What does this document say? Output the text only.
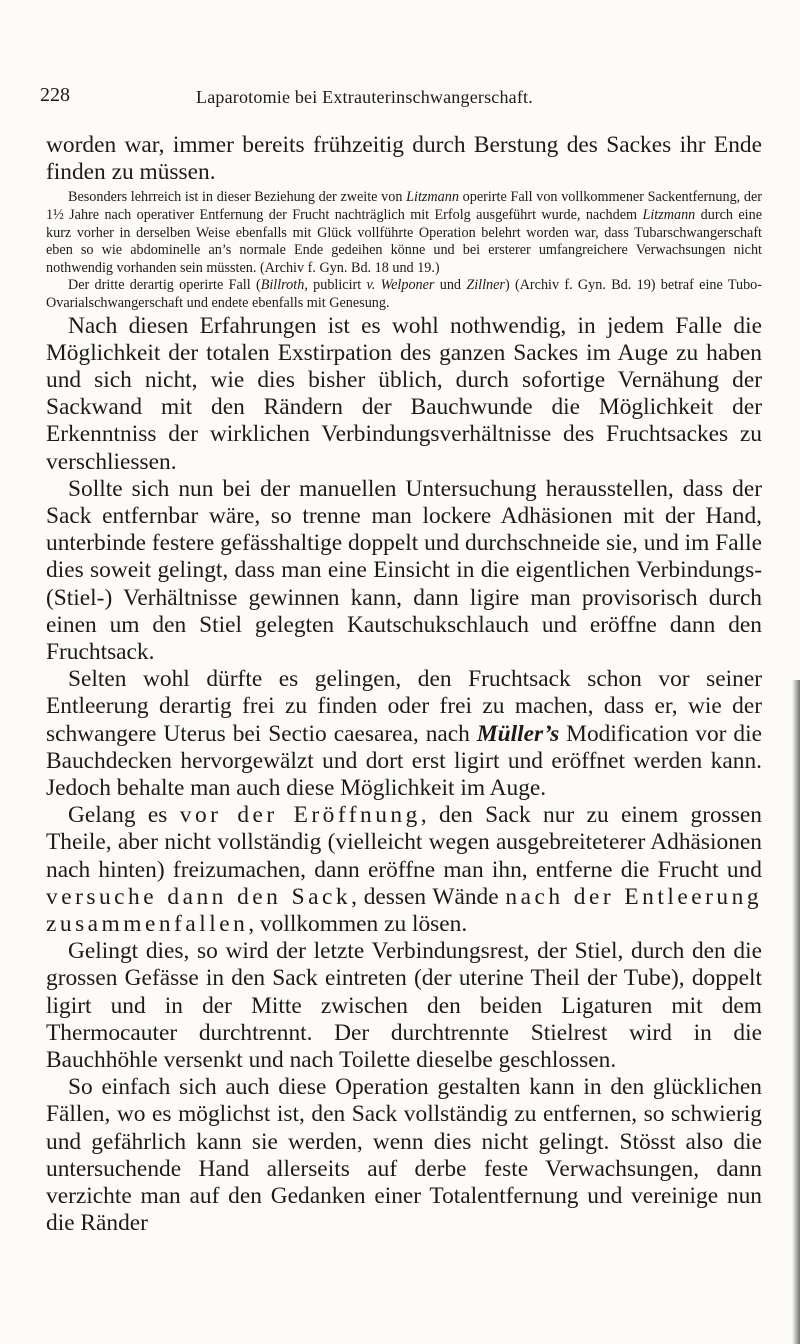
228	Laparotomie bei Extrauterinschwangerschaft.

worden war, immer bereits frühzeitig durch Berstung des Sackes ihr Ende finden zu müssen.

Besonders lehrreich ist in dieser Beziehung der zweite von Litzmann operirte Fall von vollkommener Sackentfernung, der 1½ Jahre nach operativer Entfernung der Frucht nachträglich mit Erfolg ausgeführt wurde, nachdem Litzmann durch eine kurz vorher in derselben Weise ebenfalls mit Glück vollführte Operation belehrt worden war, dass Tubarschwangerschaft eben so wie abdominelle an’s normale Ende gedeihen könne und bei ersterer umfangreichere Verwachsungen nicht nothwendig vorhanden sein müssten. (Archiv f. Gyn. Bd. 18 und 19.)

Der dritte derartig operirte Fall (Billroth, publicirt v. Welponer und Zillner) (Archiv f. Gyn. Bd. 19) betraf eine Tubo-Ovarialschwangerschaft und endete ebenfalls mit Genesung.

Nach diesen Erfahrungen ist es wohl nothwendig, in jedem Falle die Möglichkeit der totalen Exstirpation des ganzen Sackes im Auge zu haben und sich nicht, wie dies bisher üblich, durch sofortige Vernähung der Sackwand mit den Rändern der Bauchwunde die Möglichkeit der Erkenntniss der wirklichen Verbindungsverhältnisse des Fruchtsackes zu verschliessen.

Sollte sich nun bei der manuellen Untersuchung herausstellen, dass der Sack entfernbar wäre, so trenne man lockere Adhäsionen mit der Hand, unterbinde festere gefässhaltige doppelt und durchschneide sie, und im Falle dies soweit gelingt, dass man eine Einsicht in die eigentlichen Verbindungs- (Stiel-) Verhältnisse gewinnen kann, dann ligire man provisorisch durch einen um den Stiel gelegten Kautschukschlauch und eröffne dann den Fruchtsack.

Selten wohl dürfte es gelingen, den Fruchtsack schon vor seiner Entleerung derartig frei zu finden oder frei zu machen, dass er, wie der schwangere Uterus bei Sectio caesarea, nach Müller’s Modification vor die Bauchdecken hervorgewälzt und dort erst ligirt und eröffnet werden kann. Jedoch behalte man auch diese Möglichkeit im Auge.

Gelang es vor der Eröffnung, den Sack nur zu einem grossen Theile, aber nicht vollständig (vielleicht wegen ausgebreiteterer Adhäsionen nach hinten) freizumachen, dann eröffne man ihn, entferne die Frucht und versuche dann den Sack, dessen Wände nach der Entleerung zusammenfallen, vollkommen zu lösen.

Gelingt dies, so wird der letzte Verbindungsrest, der Stiel, durch den die grossen Gefässe in den Sack eintreten (der uterine Theil der Tube), doppelt ligirt und in der Mitte zwischen den beiden Ligaturen mit dem Thermocauter durchtrennt. Der durchtrennte Stielrest wird in die Bauchhöhle versenkt und nach Toilette dieselbe geschlossen.

So einfach sich auch diese Operation gestalten kann in den glücklichen Fällen, wo es möglichst ist, den Sack vollständig zu entfernen, so schwierig und gefährlich kann sie werden, wenn dies nicht gelingt. Stösst also die untersuchende Hand allerseits auf derbe feste Verwachsungen, dann verzichte man auf den Gedanken einer Totalentfernung und vereinige nun die Ränder
